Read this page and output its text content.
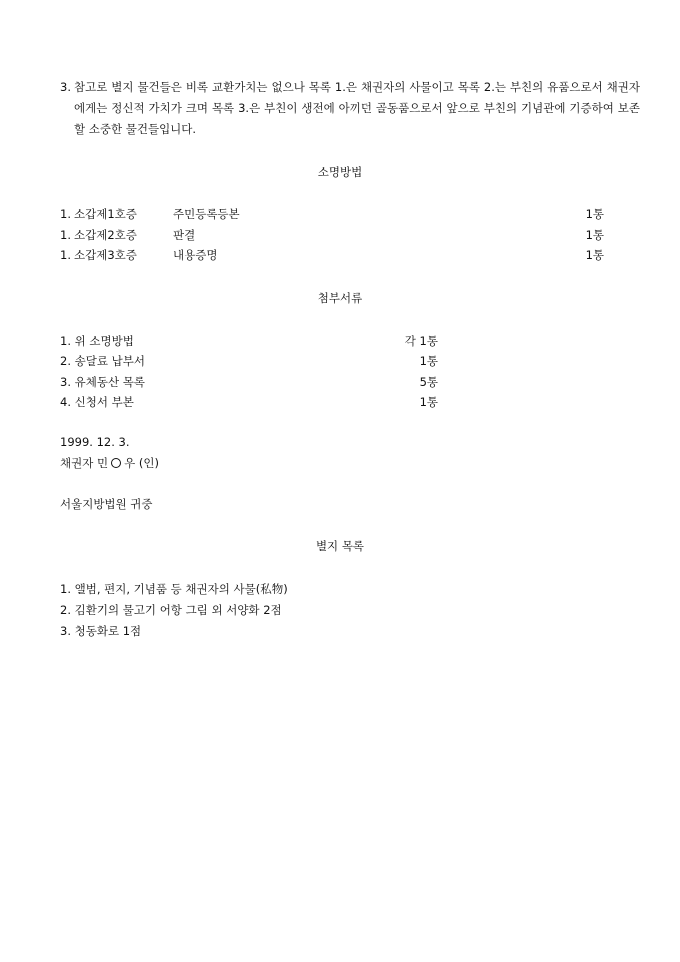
3. 참고로 별지 물건들은 비록 교환가치는 없으나 목록 1.은 채권자의 사물이고 목록 2.는 부친의 유품으로서 채권자에게는 정신적 가치가 크며 목록 3.은 부친이 생전에 아끼던 골동품으로서 앞으로 부친의 기념관에 기증하여 보존할 소중한 물건들입니다.
소명방법
1. 소갑제1호증	주민등록등본	1통
1. 소갑제2호증	판결	1통
1. 소갑제3호증	내용증명	1통
첨부서류
1. 위 소명방법	각 1통
2. 송달료 납부서	1통
3. 유체동산 목록	5통
4. 신청서 부본	1통
1999. 12. 3.
채권자 민 ○ 우 (인)
서울지방법원 귀중
별지 목록
1. 앨범, 편지, 기념품 등 채권자의 사물(私物)
2. 김환기의 물고기 어항 그림 외 서양화 2점
3. 청동화로 1점
